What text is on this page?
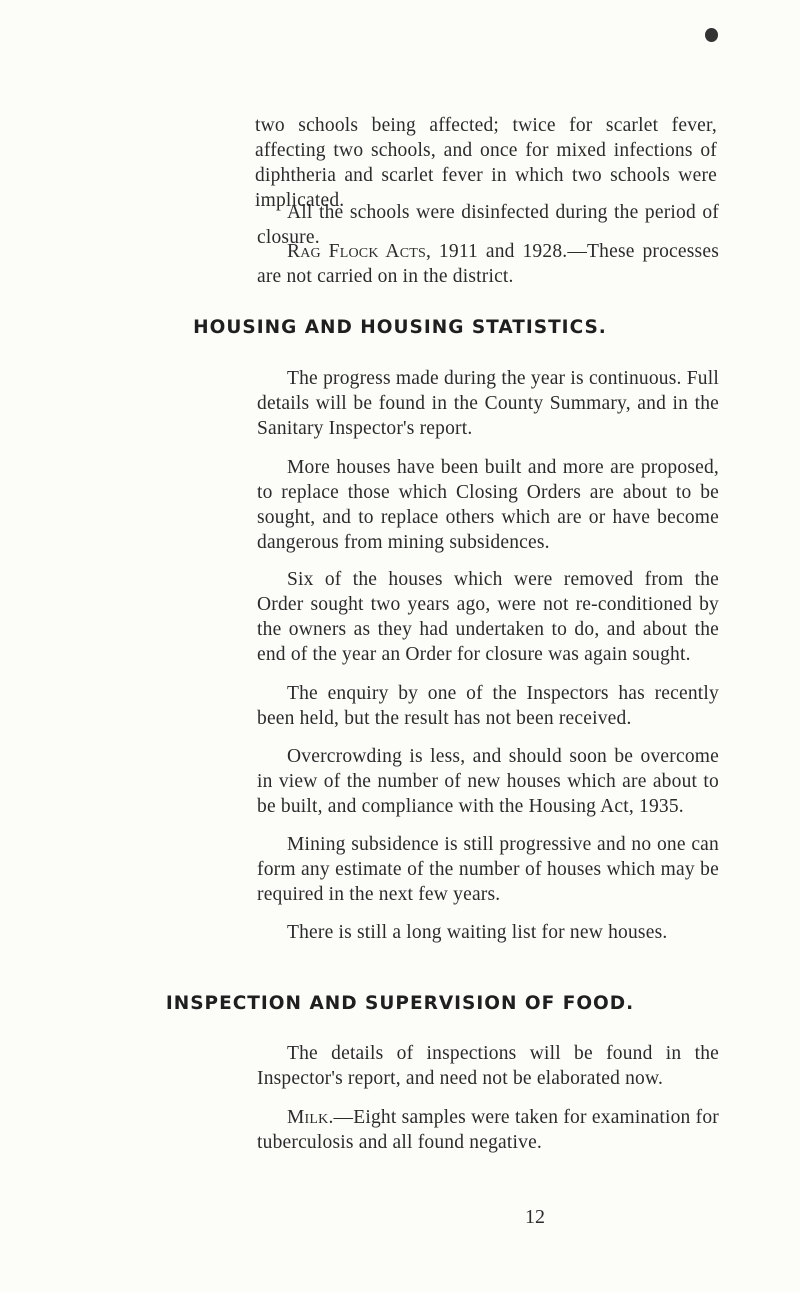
two schools being affected; twice for scarlet fever, affecting two schools, and once for mixed infections of diphtheria and scarlet fever in which two schools were implicated.

All the schools were disinfected during the period of closure.

Rag Flock Acts, 1911 and 1928.—These processes are not carried on in the district.

HOUSING AND HOUSING STATISTICS.

The progress made during the year is continuous. Full details will be found in the County Summary, and in the Sanitary Inspector's report.

More houses have been built and more are proposed, to replace those which Closing Orders are about to be sought, and to replace others which are or have become dangerous from mining subsidences.

Six of the houses which were removed from the Order sought two years ago, were not re-conditioned by the owners as they had undertaken to do, and about the end of the year an Order for closure was again sought.

The enquiry by one of the Inspectors has recently been held, but the result has not been received.

Overcrowding is less, and should soon be overcome in view of the number of new houses which are about to be built, and compliance with the Housing Act, 1935.

Mining subsidence is still progressive and no one can form any estimate of the number of houses which may be required in the next few years.

There is still a long waiting list for new houses.

INSPECTION AND SUPERVISION OF FOOD.

The details of inspections will be found in the Inspector's report, and need not be elaborated now.

Milk.—Eight samples were taken for examination for tuberculosis and all found negative.

12
